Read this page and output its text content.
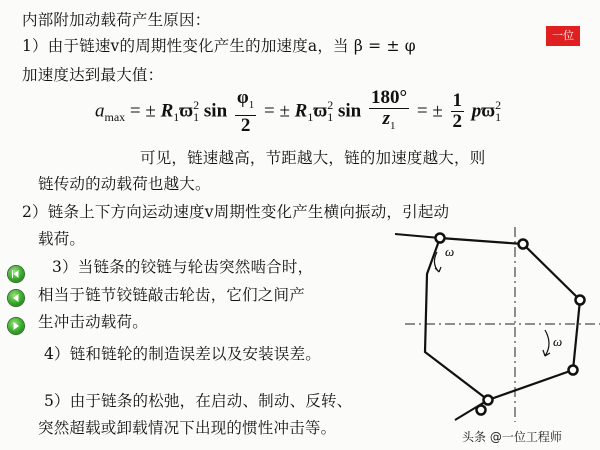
一位
内部附加动载荷产生原因：
1）由于链速v的周期性变化产生的加速度a，当 β = ± φ
加速度达到最大值：
$a_{max}$ = ± $R_1ϖ_1^2$ $\sin \frac{\varphi_1}{2}$ = ± $R_1ϖ_1^2$ $\sin \frac{180^\circ}{z_1}$ = ± $\frac{1}{2} pϖ_1^2$
可见，链速越高，节距越大，链的加速度越大，则
链传动的动载荷也越大。
2）链条上下方向运动速度v周期性变化产生横向振动，引起动
载荷。
3）当链条的铰链与轮齿突然啮合时，
相当于链节铰链敲击轮齿，它们之间产
生冲击动载荷。
4）链和链轮的制造误差以及安装误差。
5）由于链条的松弛，在启动、制动、反转、
突然超载或卸载情况下出现的惯性冲击等。
ω
ω
头条 @一位工程师
